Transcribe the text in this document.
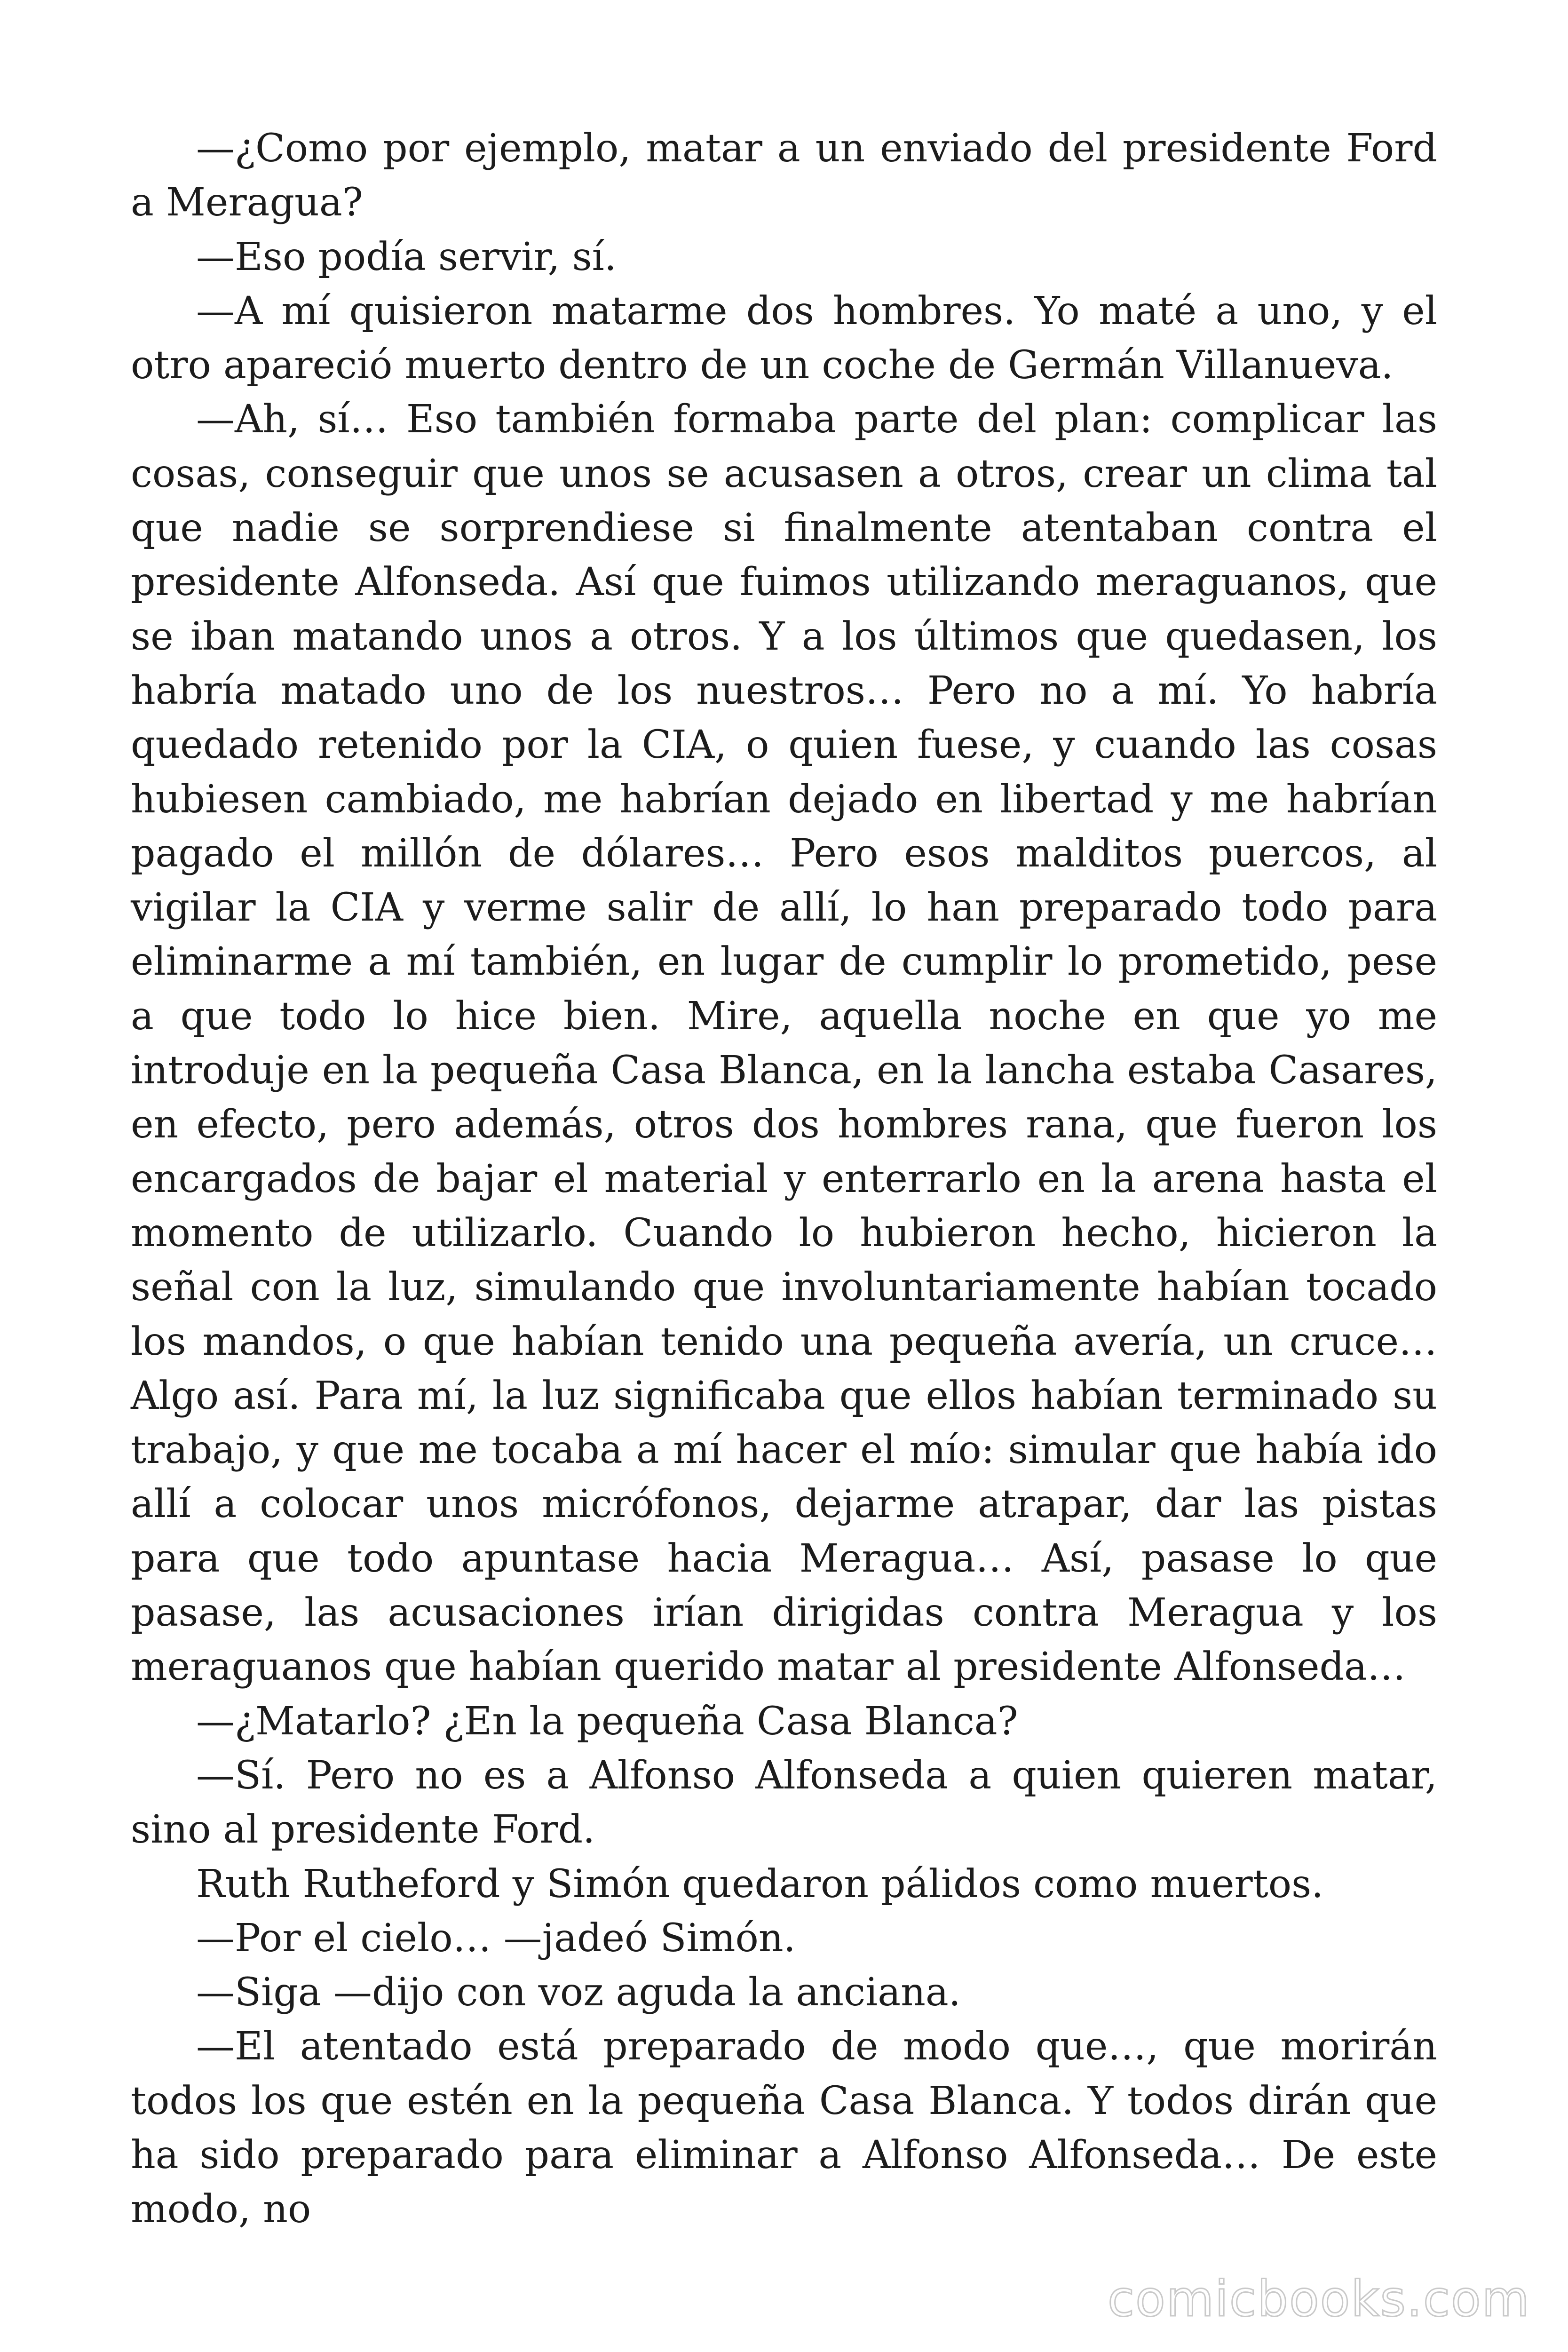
—¿Como por ejemplo, matar a un enviado del presidente Ford a Meragua?

—Eso podía servir, sí.

—A mí quisieron matarme dos hombres. Yo maté a uno, y el otro apareció muerto dentro de un coche de Germán Villanueva.

—Ah, sí… Eso también formaba parte del plan: complicar las cosas, conseguir que unos se acusasen a otros, crear un clima tal que nadie se sorprendiese si finalmente atentaban contra el presidente Alfonseda. Así que fuimos utilizando meraguanos, que se iban matando unos a otros. Y a los últimos que quedasen, los habría matado uno de los nuestros… Pero no a mí. Yo habría quedado retenido por la CIA, o quien fuese, y cuando las cosas hubiesen cambiado, me habrían dejado en libertad y me habrían pagado el millón de dólares… Pero esos malditos puercos, al vigilar la CIA y verme salir de allí, lo han preparado todo para eliminarme a mí también, en lugar de cumplir lo prometido, pese a que todo lo hice bien. Mire, aquella noche en que yo me introduje en la pequeña Casa Blanca, en la lancha estaba Casares, en efecto, pero además, otros dos hombres rana, que fueron los encargados de bajar el material y enterrarlo en la arena hasta el momento de utilizarlo. Cuando lo hubieron hecho, hicieron la señal con la luz, simulando que involuntariamente habían tocado los mandos, o que habían tenido una pequeña avería, un cruce… Algo así. Para mí, la luz significaba que ellos habían terminado su trabajo, y que me tocaba a mí hacer el mío: simular que había ido allí a colocar unos micrófonos, dejarme atrapar, dar las pistas para que todo apuntase hacia Meragua… Así, pasase lo que pasase, las acusaciones irían dirigidas contra Meragua y los meraguanos que habían querido matar al presidente Alfonseda…

—¿Matarlo? ¿En la pequeña Casa Blanca?

—Sí. Pero no es a Alfonso Alfonseda a quien quieren matar, sino al presidente Ford.

Ruth Rutheford y Simón quedaron pálidos como muertos.

—Por el cielo… —jadeó Simón.

—Siga —dijo con voz aguda la anciana.

—El atentado está preparado de modo que…, que morirán todos los que estén en la pequeña Casa Blanca. Y todos dirán que ha sido preparado para eliminar a Alfonso Alfonseda… De este modo, no

comicbooks.com
